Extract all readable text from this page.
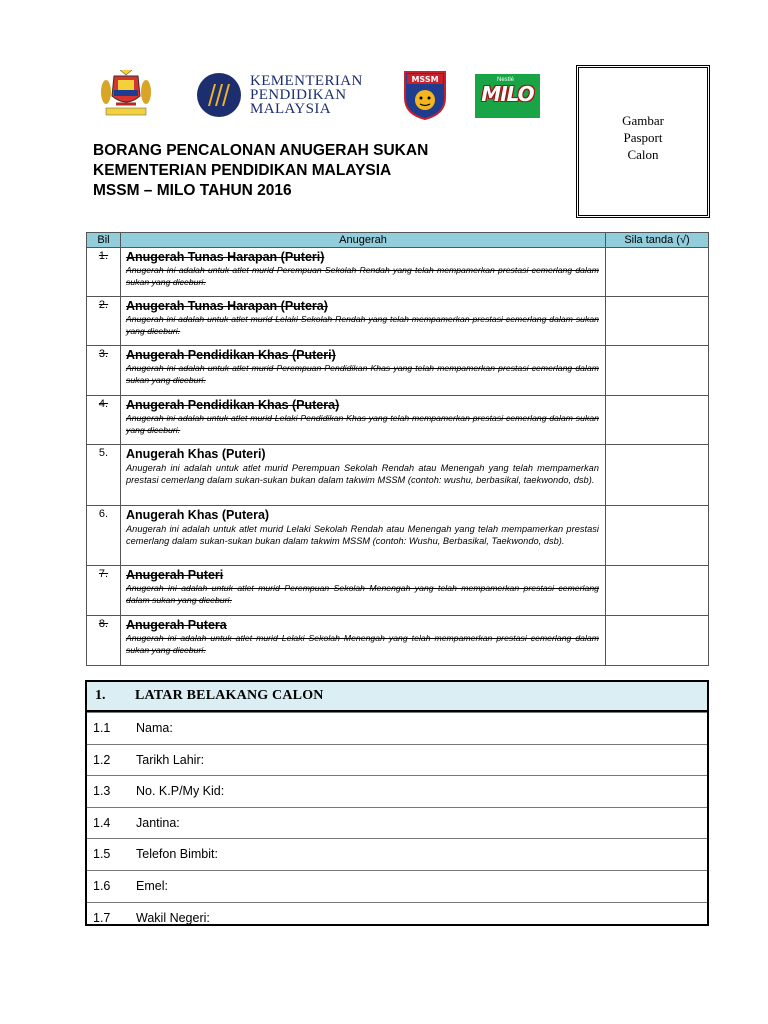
KEMENTERIAN
PENDIDIKAN
MALAYSIA
MSSM	Nestlé
MILO
Gambar
Pasport
Calon
BORANG PENCALONAN ANUGERAH SUKAN
KEMENTERIAN PENDIDIKAN MALAYSIA
MSSM – MILO TAHUN 2016
Bil	Anugerah	Sila tanda (√)
1.	Anugerah Tunas Harapan (Puteri)
Anugerah ini adalah untuk atlet murid Perempuan Sekolah Rendah yang telah mempamerkan prestasi cemerlang dalam sukan yang diceburi.	

2.	Anugerah Tunas Harapan (Putera)
Anugerah ini adalah untuk atlet murid Lelaki Sekolah Rendah yang telah mempamerkan prestasi cemerlang dalam sukan yang diceburi.	

3.	Anugerah Pendidikan Khas (Puteri)
Anugerah ini adalah untuk atlet murid Perempuan Pendidikan Khas yang telah mempamerkan prestasi cemerlang dalam sukan yang diceburi.	

4.	Anugerah Pendidikan Khas (Putera)
Anugerah ini adalah untuk atlet murid Lelaki Pendidikan Khas yang telah mempamerkan prestasi cemerlang dalam sukan yang diceburi.	

5.	Anugerah Khas (Puteri)
Anugerah ini adalah untuk atlet murid Perempuan Sekolah Rendah atau Menengah yang telah mempamerkan prestasi cemerlang dalam sukan-sukan bukan dalam takwim MSSM (contoh: wushu, berbasikal, taekwondo, dsb).	

6.	Anugerah Khas (Putera)
Anugerah ini adalah untuk atlet murid Lelaki Sekolah Rendah atau Menengah yang telah mempamerkan prestasi cemerlang dalam sukan-sukan bukan dalam takwim MSSM (contoh: Wushu, Berbasikal, Taekwondo, dsb).	

7.	Anugerah Puteri
Anugerah ini adalah untuk atlet murid Perempuan Sekolah Menengah yang telah mempamerkan prestasi cemerlang dalam sukan yang diceburi.	

8.	Anugerah Putera
Anugerah ini adalah untuk atlet murid Lelaki Sekolah Menengah yang telah mempamerkan prestasi cemerlang dalam sukan yang diceburi.	

1. LATAR BELAKANG CALON
1.1 Nama:
1.2 Tarikh Lahir:
1.3 No. K.P/My Kid:
1.4 Jantina:
1.5 Telefon Bimbit:
1.6 Emel:
1.7 Wakil Negeri:
